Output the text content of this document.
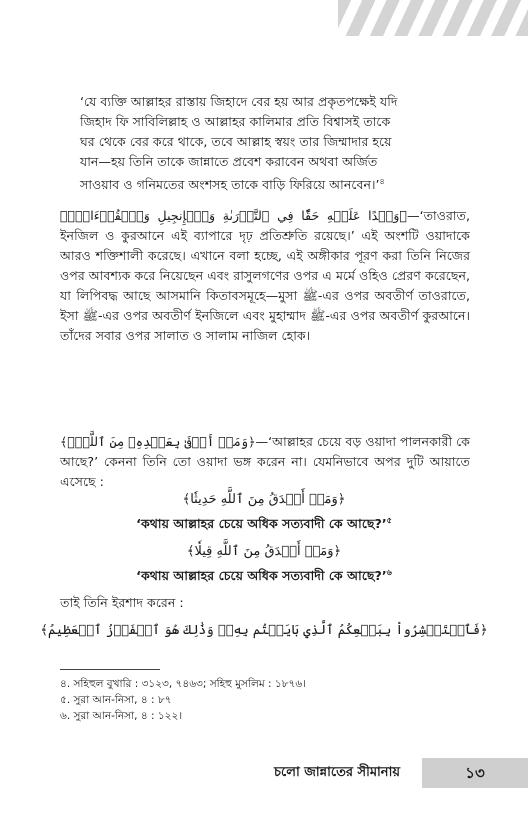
‘যে ব্যক্তি আল্লাহর রাস্তায় জিহাদে বের হয় আর প্রকৃতপক্ষেই যদি

জিহাদ ফি সাবিলিল্লাহ ও আল্লাহর কালিমার প্রতি বিশ্বাসই তাকে

ঘর থেকে বের করে থাকে, তবে আল্লাহ স্বয়ং তার জিম্মাদার হয়ে

যান—হয় তিনি তাকে জান্নাতে প্রবেশ করাবেন অথবা অর্জিত

সাওয়াব ও গনিমতের অংশসহ তাকে বাড়ি ফিরিয়ে আনবেন।’$^৪$

﴿وَعۡدًا عَلَيۡهِ حَقّٗا فِي ٱلتَّوۡرَىٰةِ وَٱلۡإِنجِيلِ وَٱلۡقُرۡءَانِۚ﴾—‘তাওরাত, ইনজিল ও কুরআনে এই ব্যাপারে দৃঢ় প্রতিশ্রুতি রয়েছে।’ এই অংশটি ওয়াদাকে আরও শক্তিশালী করেছে। এখানে বলা হচ্ছে, এই অঙ্গীকার পূরণ করা তিনি নিজের ওপর আবশ্যক করে নিয়েছেন এবং রাসুলগণের ওপর এ মর্মে ওহিও প্রেরণ করেছেন, যা লিপিবদ্ধ আছে আসমানি কিতাবসমূহে—মুসা ﷺ-এর ওপর অবতীর্ণ তাওরাতে, ইসা ﷺ-এর ওপর অবতীর্ণ ইনজিলে এবং মুহাম্মাদ ﷺ-এর ওপর অবতীর্ণ কুরআনে। তাঁদের সবার ওপর সালাত ও সালাম নাজিল হোক।
﴿وَمَنۡ أَوۡفَىٰ بِعَهۡدِهِۦ مِنَ ٱللَّهِۚ﴾—‘আল্লাহর চেয়ে বড় ওয়াদা পালনকারী কে আছে?’ কেননা তিনি তো ওয়াদা ভঙ্গ করেন না। যেমনিভাবে অপর দুটি আয়াতে এসেছে :
﴿وَمَنۡ أَصۡدَقُ مِنَ ٱللَّهِ حَدِيثٗا﴾
‘কথায় আল্লাহর চেয়ে অধিক সত্যবাদী কে আছে?’$^৫$
﴿وَمَنۡ أَصۡدَقُ مِنَ ٱللَّهِ قِيلٗا﴾
‘কথায় আল্লাহর চেয়ে অধিক সত্যবাদী কে আছে?’$^৬$
তাই তিনি ইরশাদ করেন :
﴿فَٱسۡتَبۡشِرُواْ بِبَيۡعِكُمُ ٱلَّذِي بَايَعۡتُم بِهِۦۚ وَذَٰلِكَ هُوَ ٱلۡفَوۡزُ ٱلۡعَظِيمُ﴾
৪. সহিহুল বুখারি : ৩১২৩, ৭৪৬৩; সহিহু মুসলিম : ১৮৭৬।
৫. সুরা আন-নিসা, ৪ : ৮৭
৬. সুরা আন-নিসা, ৪ : ১২২।
চলো জান্নাতের সীমানায়	১৩
